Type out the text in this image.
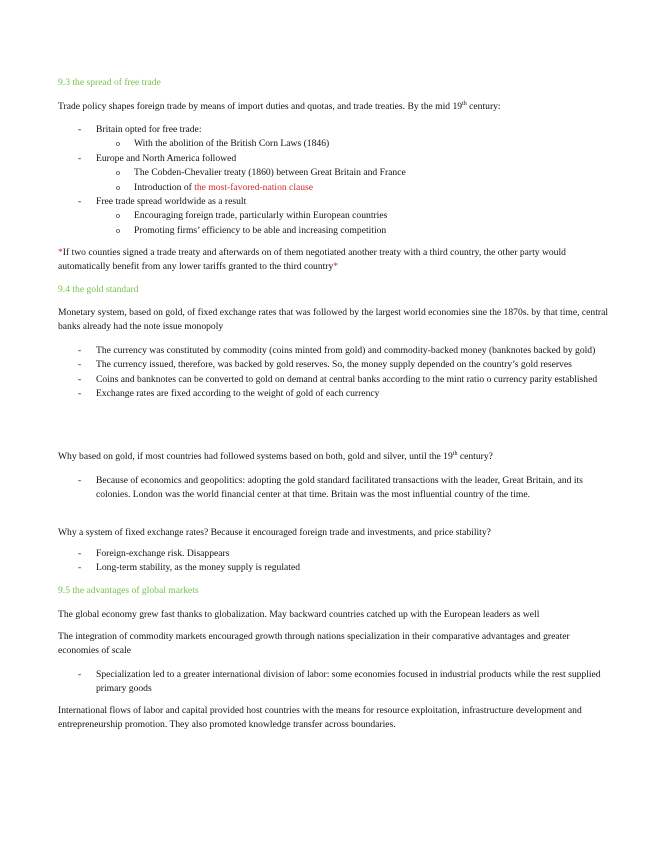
9.3 the spread of free trade

Trade policy shapes foreign trade by means of import duties and quotas, and trade treaties. By the mid 19th century:

- Britain opted for free trade:
o With the abolition of the British Corn Laws (1846)
- Europe and North America followed
o The Cobden-Chevalier treaty (1860) between Great Britain and France
o Introduction of the most-favored-nation clause
- Free trade spread worldwide as a result
o Encouraging foreign trade, particularly within European countries
o Promoting firms’ efficiency to be able and increasing competition

*If two counties signed a trade treaty and afterwards on of them negotiated another treaty with a third country, the other party would automatically benefit from any lower tariffs granted to the third country*

9.4 the gold standard

Monetary system, based on gold, of fixed exchange rates that was followed by the largest world economies sine the 1870s. by that time, central banks already had the note issue monopoly

- The currency was constituted by commodity (coins minted from gold) and commodity-backed money (banknotes backed by gold)
- The currency issued, therefore, was backed by gold reserves. So, the money supply depended on the country’s gold reserves
- Coins and banknotes can be converted to gold on demand at central banks according to the mint ratio o currency parity established
- Exchange rates are fixed according to the weight of gold of each currency

Why based on gold, if most countries had followed systems based on both, gold and silver, until the 19th century?

- Because of economics and geopolitics: adopting the gold standard facilitated transactions with the leader, Great Britain, and its colonies. London was the world financial center at that time. Britain was the most influential country of the time.

Why a system of fixed exchange rates? Because it encouraged foreign trade and investments, and price stability?

- Foreign-exchange risk. Disappears
- Long-term stability, as the money supply is regulated

9.5 the advantages of global markets

The global economy grew fast thanks to globalization. May backward countries catched up with the European leaders as well

The integration of commodity markets encouraged growth through nations specialization in their comparative advantages and greater economies of scale

- Specialization led to a greater international division of labor: some economies focused in industrial products while the rest supplied primary goods

International flows of labor and capital provided host countries with the means for resource exploitation, infrastructure development and entrepreneurship promotion. They also promoted knowledge transfer across boundaries.
